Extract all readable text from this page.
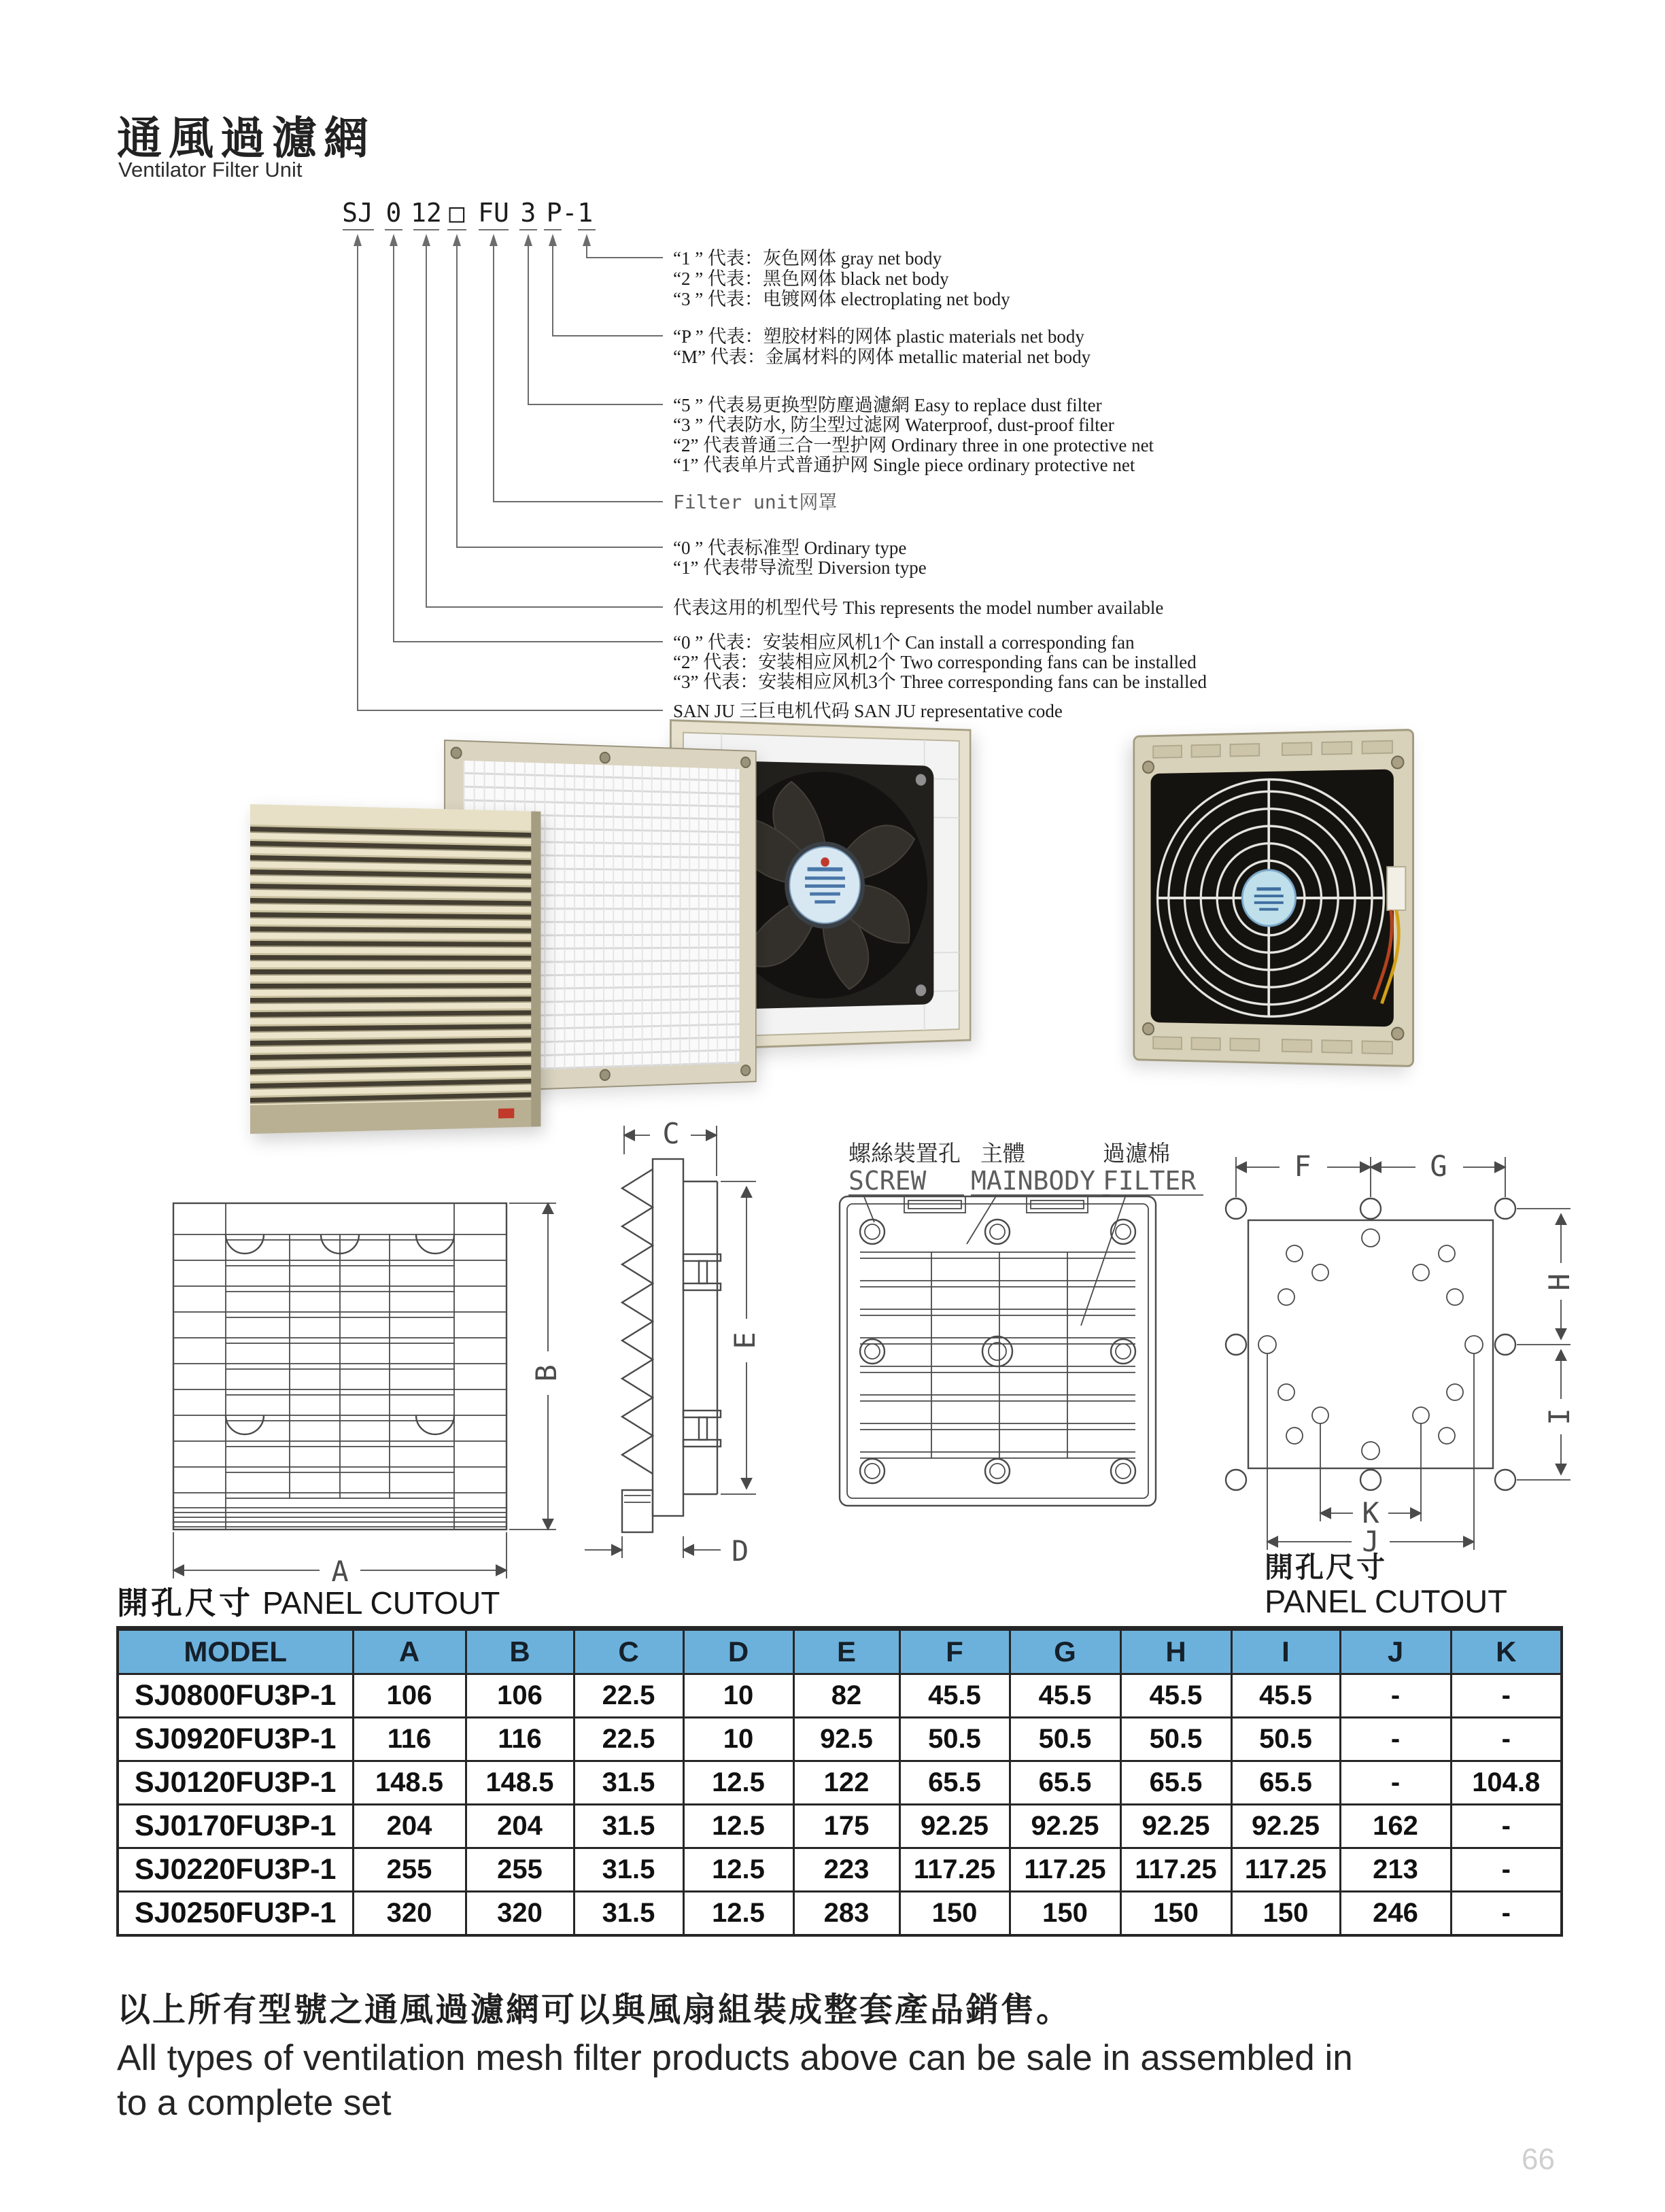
通風過濾網
Ventilator Filter Unit
SJ 0 12 □ FU 3 P-1
“1 ” 代表：灰色网体 gray net body
“2 ” 代表：黑色网体 black net body
“3 ” 代表：电镀网体 electroplating net body
“P ” 代表：塑胶材料的网体 plastic materials net body
“M” 代表：金属材料的网体 metallic material net body
“5 ” 代表易更换型防塵過濾網 Easy to replace dust filter
“3 ” 代表防水, 防尘型过滤网 Waterproof, dust-proof filter
“2” 代表普通三合一型护网 Ordinary three in one protective net
“1” 代表单片式普通护网 Single piece ordinary protective net
Filter unit网罩
“0 ” 代表标准型 Ordinary type
“1” 代表带导流型 Diversion type
代表这用的机型代号 This represents the model number available
“0 ” 代表：安装相应风机1个 Can install a corresponding fan
“2” 代表：安装相应风机2个 Two corresponding fans can be installed
“3” 代表：安装相应风机3个 Three corresponding fans can be installed
SAN JU 三巨电机代码 SAN JU representative code
A
B
C
E
D
螺絲裝置孔
SCREW
主體
MAINBODY
過濾棉
FILTER	F	G
H
I
K
J
開孔尺寸
PANEL CUTOUT
開孔尺寸 PANEL CUTOUT
MODEL	A	B	C	D	E	F	G	H	I	J	K
SJ0800FU3P-1	106	106	22.5	10	82	45.5	45.5	45.5	45.5	-	-
SJ0920FU3P-1	116	116	22.5	10	92.5	50.5	50.5	50.5	50.5	-	-
SJ0120FU3P-1	148.5	148.5	31.5	12.5	122	65.5	65.5	65.5	65.5	-	104.8
SJ0170FU3P-1	204	204	31.5	12.5	175	92.25	92.25	92.25	92.25	162	-
SJ0220FU3P-1	255	255	31.5	12.5	223	117.25	117.25	117.25	117.25	213	-
SJ0250FU3P-1	320	320	31.5	12.5	283	150	150	150	150	246	-
以上所有型號之通風過濾網可以與風扇組裝成整套產品銷售。
All types of ventilation mesh filter products above can be sale in assembled in
to a complete set
66
